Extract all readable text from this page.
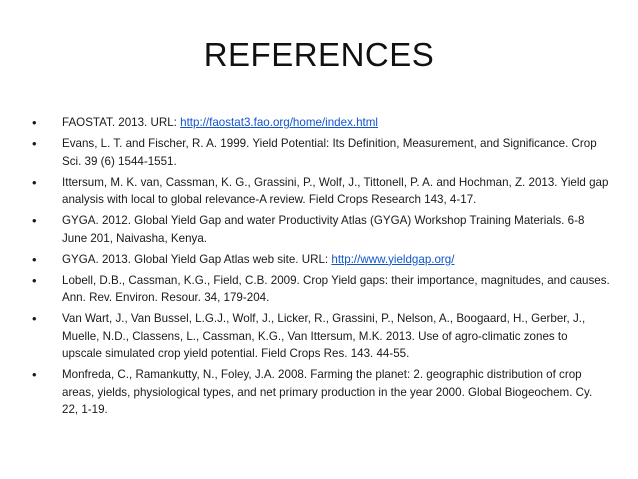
REFERENCES
• FAOSTAT. 2013. URL: http://faostat3.fao.org/home/index.html
• Evans, L. T. and Fischer, R. A. 1999. Yield Potential: Its Definition, Measurement, and Significance. Crop Sci. 39 (6) 1544-1551.
• Ittersum, M. K. van, Cassman, K. G., Grassini, P., Wolf, J., Tittonell, P. A. and Hochman, Z. 2013. Yield gap analysis with local to global relevance-A review. Field Crops Research 143, 4-17.
• GYGA. 2012. Global Yield Gap and water Productivity Atlas (GYGA) Workshop Training Materials. 6-8 June 201, Naivasha, Kenya.
• GYGA. 2013. Global Yield Gap Atlas web site. URL: http://www.yieldgap.org/
• Lobell, D.B., Cassman, K.G., Field, C.B. 2009. Crop Yield gaps: their importance, magnitudes, and causes. Ann. Rev. Environ. Resour. 34, 179-204.
• Van Wart, J., Van Bussel, L.G.J., Wolf, J., Licker, R., Grassini, P., Nelson, A., Boogaard, H., Gerber, J., Muelle, N.D., Classens, L., Cassman, K.G., Van Ittersum, M.K. 2013. Use of agro-climatic zones to upscale simulated crop yield potential. Field Crops Res. 143. 44-55.
• Monfreda, C., Ramankutty, N., Foley, J.A. 2008. Farming the planet: 2. geographic distribution of crop areas, yields, physiological types, and net primary production in the year 2000. Global Biogeochem. Cy. 22, 1-19.
